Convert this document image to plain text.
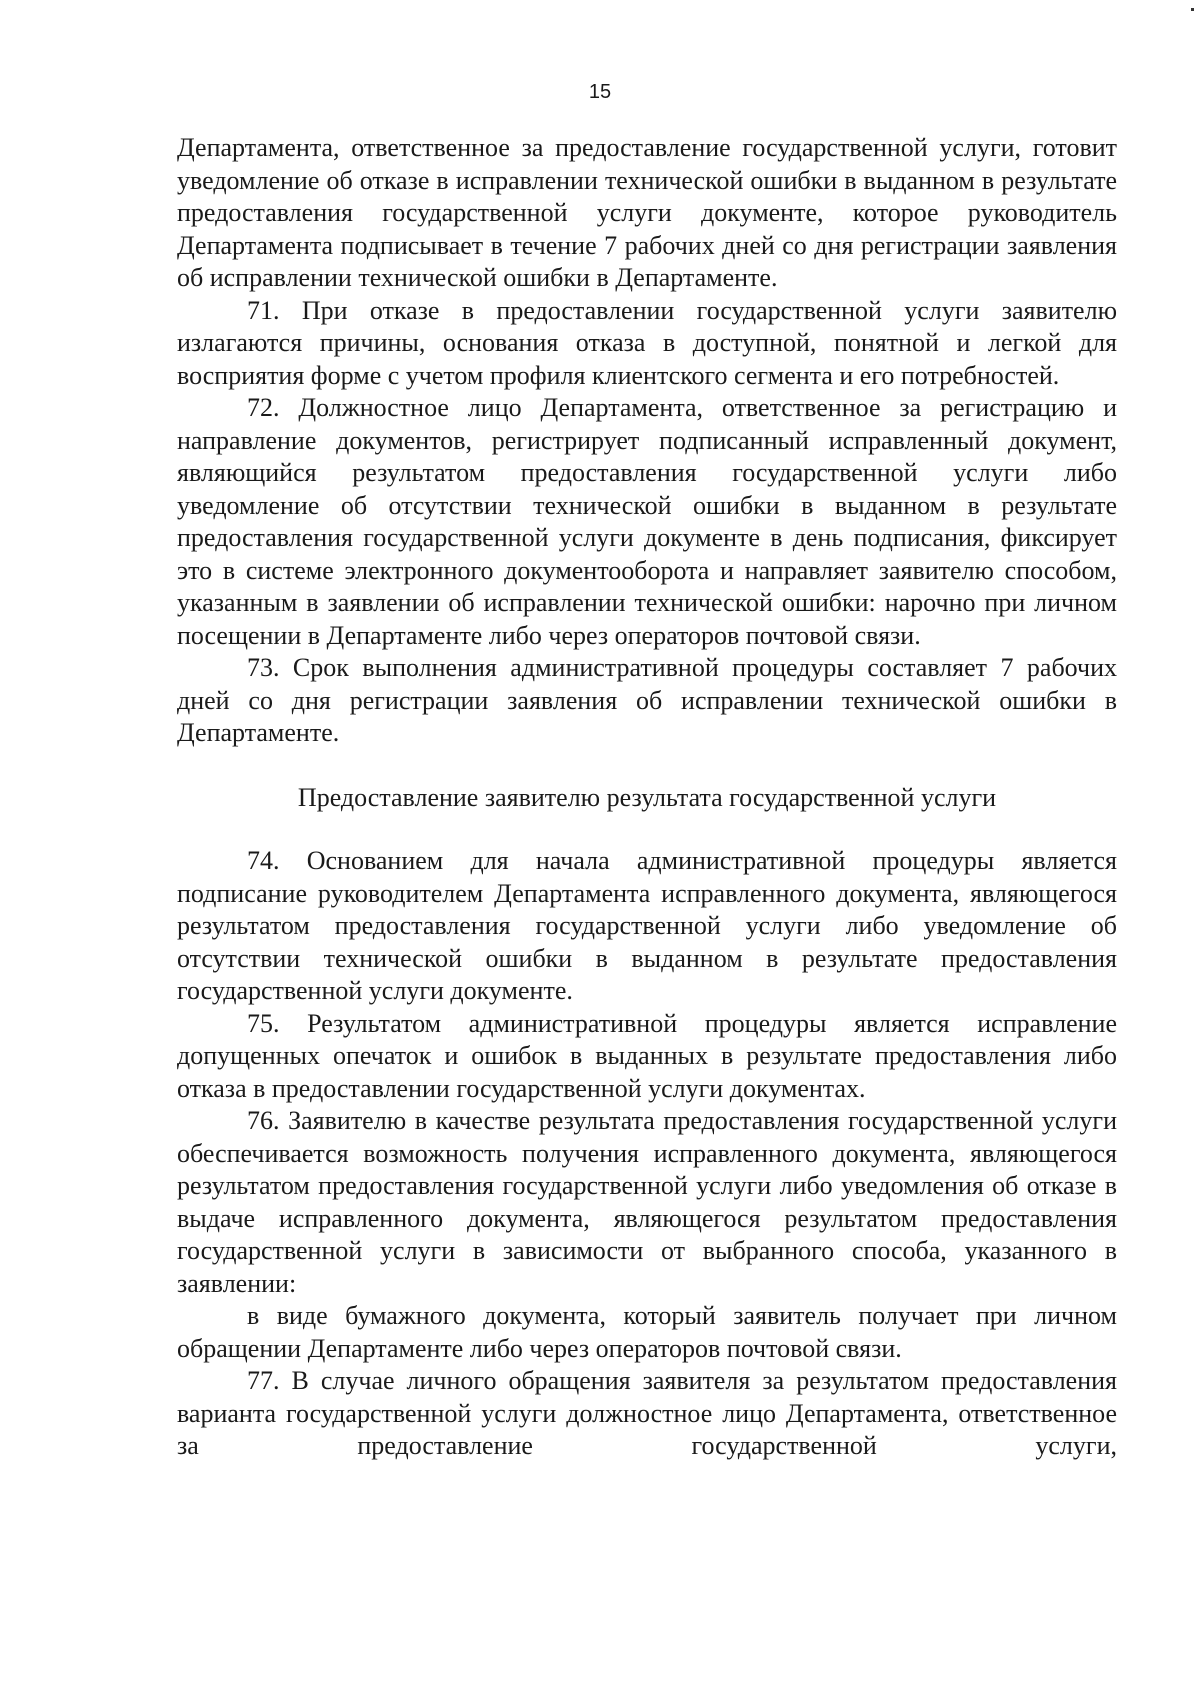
15

Департамента, ответственное за предоставление государственной услуги, готовит уведомление об отказе в исправлении технической ошибки в выданном в результате предоставления государственной услуги документе, которое руководитель Департамента подписывает в течение 7 рабочих дней со дня регистрации заявления об исправлении технической ошибки в Департаменте.

71. При отказе в предоставлении государственной услуги заявителю излагаются причины, основания отказа в доступной, понятной и легкой для восприятия форме с учетом профиля клиентского сегмента и его потребностей.

72. Должностное лицо Департамента, ответственное за регистрацию и направление документов, регистрирует подписанный исправленный документ, являющийся результатом предоставления государственной услуги либо уведомление об отсутствии технической ошибки в выданном в результате предоставления государственной услуги документе в день подписания, фиксирует это в системе электронного документооборота и направляет заявителю способом, указанным в заявлении об исправлении технической ошибки: нарочно при личном посещении в Департаменте либо через операторов почтовой связи.

73. Срок выполнения административной процедуры составляет 7 рабочих дней со дня регистрации заявления об исправлении технической ошибки в Департаменте.

Предоставление заявителю результата государственной услуги

74. Основанием для начала административной процедуры является подписание руководителем Департамента исправленного документа, являющегося результатом предоставления государственной услуги либо уведомление об отсутствии технической ошибки в выданном в результате предоставления государственной услуги документе.

75. Результатом административной процедуры является исправление допущенных опечаток и ошибок в выданных в результате предоставления либо отказа в предоставлении государственной услуги документах.

76. Заявителю в качестве результата предоставления государственной услуги обеспечивается возможность получения исправленного документа, являющегося результатом предоставления государственной услуги либо уведомления об отказе в выдаче исправленного документа, являющегося результатом предоставления государственной услуги в зависимости от выбранного способа, указанного в заявлении:

в виде бумажного документа, который заявитель получает при личном обращении Департаменте либо через операторов почтовой связи.

77. В случае личного обращения заявителя за результатом предоставления варианта государственной услуги должностное лицо Департамента, ответственное за предоставление государственной услуги,
